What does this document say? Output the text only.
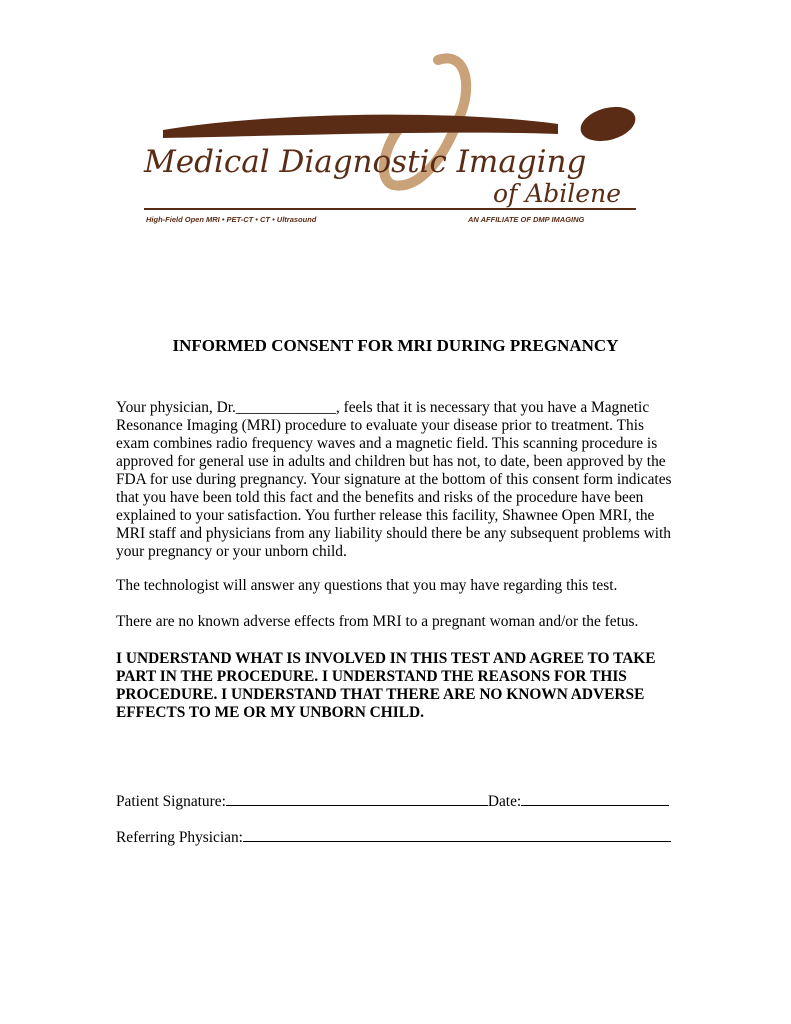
Medical Diagnostic Imaging
of Abilene
High-Field Open MRI • PET-CT • CT • Ultrasound	AN AFFILIATE OF DMP IMAGING
INFORMED CONSENT FOR MRI DURING PREGNANCY

Your physician, Dr._____________, feels that it is necessary that you have a Magnetic Resonance Imaging (MRI) procedure to evaluate your disease prior to treatment. This exam combines radio frequency waves and a magnetic field. This scanning procedure is approved for general use in adults and children but has not, to date, been approved by the FDA for use during pregnancy. Your signature at the bottom of this consent form indicates that you have been told this fact and the benefits and risks of the procedure have been explained to your satisfaction. You further release this facility, Shawnee Open MRI, the MRI staff and physicians from any liability should there be any subsequent problems with your pregnancy or your unborn child.

The technologist will answer any questions that you may have regarding this test.

There are no known adverse effects from MRI to a pregnant woman and/or the fetus.

I UNDERSTAND WHAT IS INVOLVED IN THIS TEST AND AGREE TO TAKE PART IN THE PROCEDURE. I UNDERSTAND THE REASONS FOR THIS PROCEDURE. I UNDERSTAND THAT THERE ARE NO KNOWN ADVERSE EFFECTS TO ME OR MY UNBORN CHILD.

Patient Signature:	Date:
Referring Physician:
